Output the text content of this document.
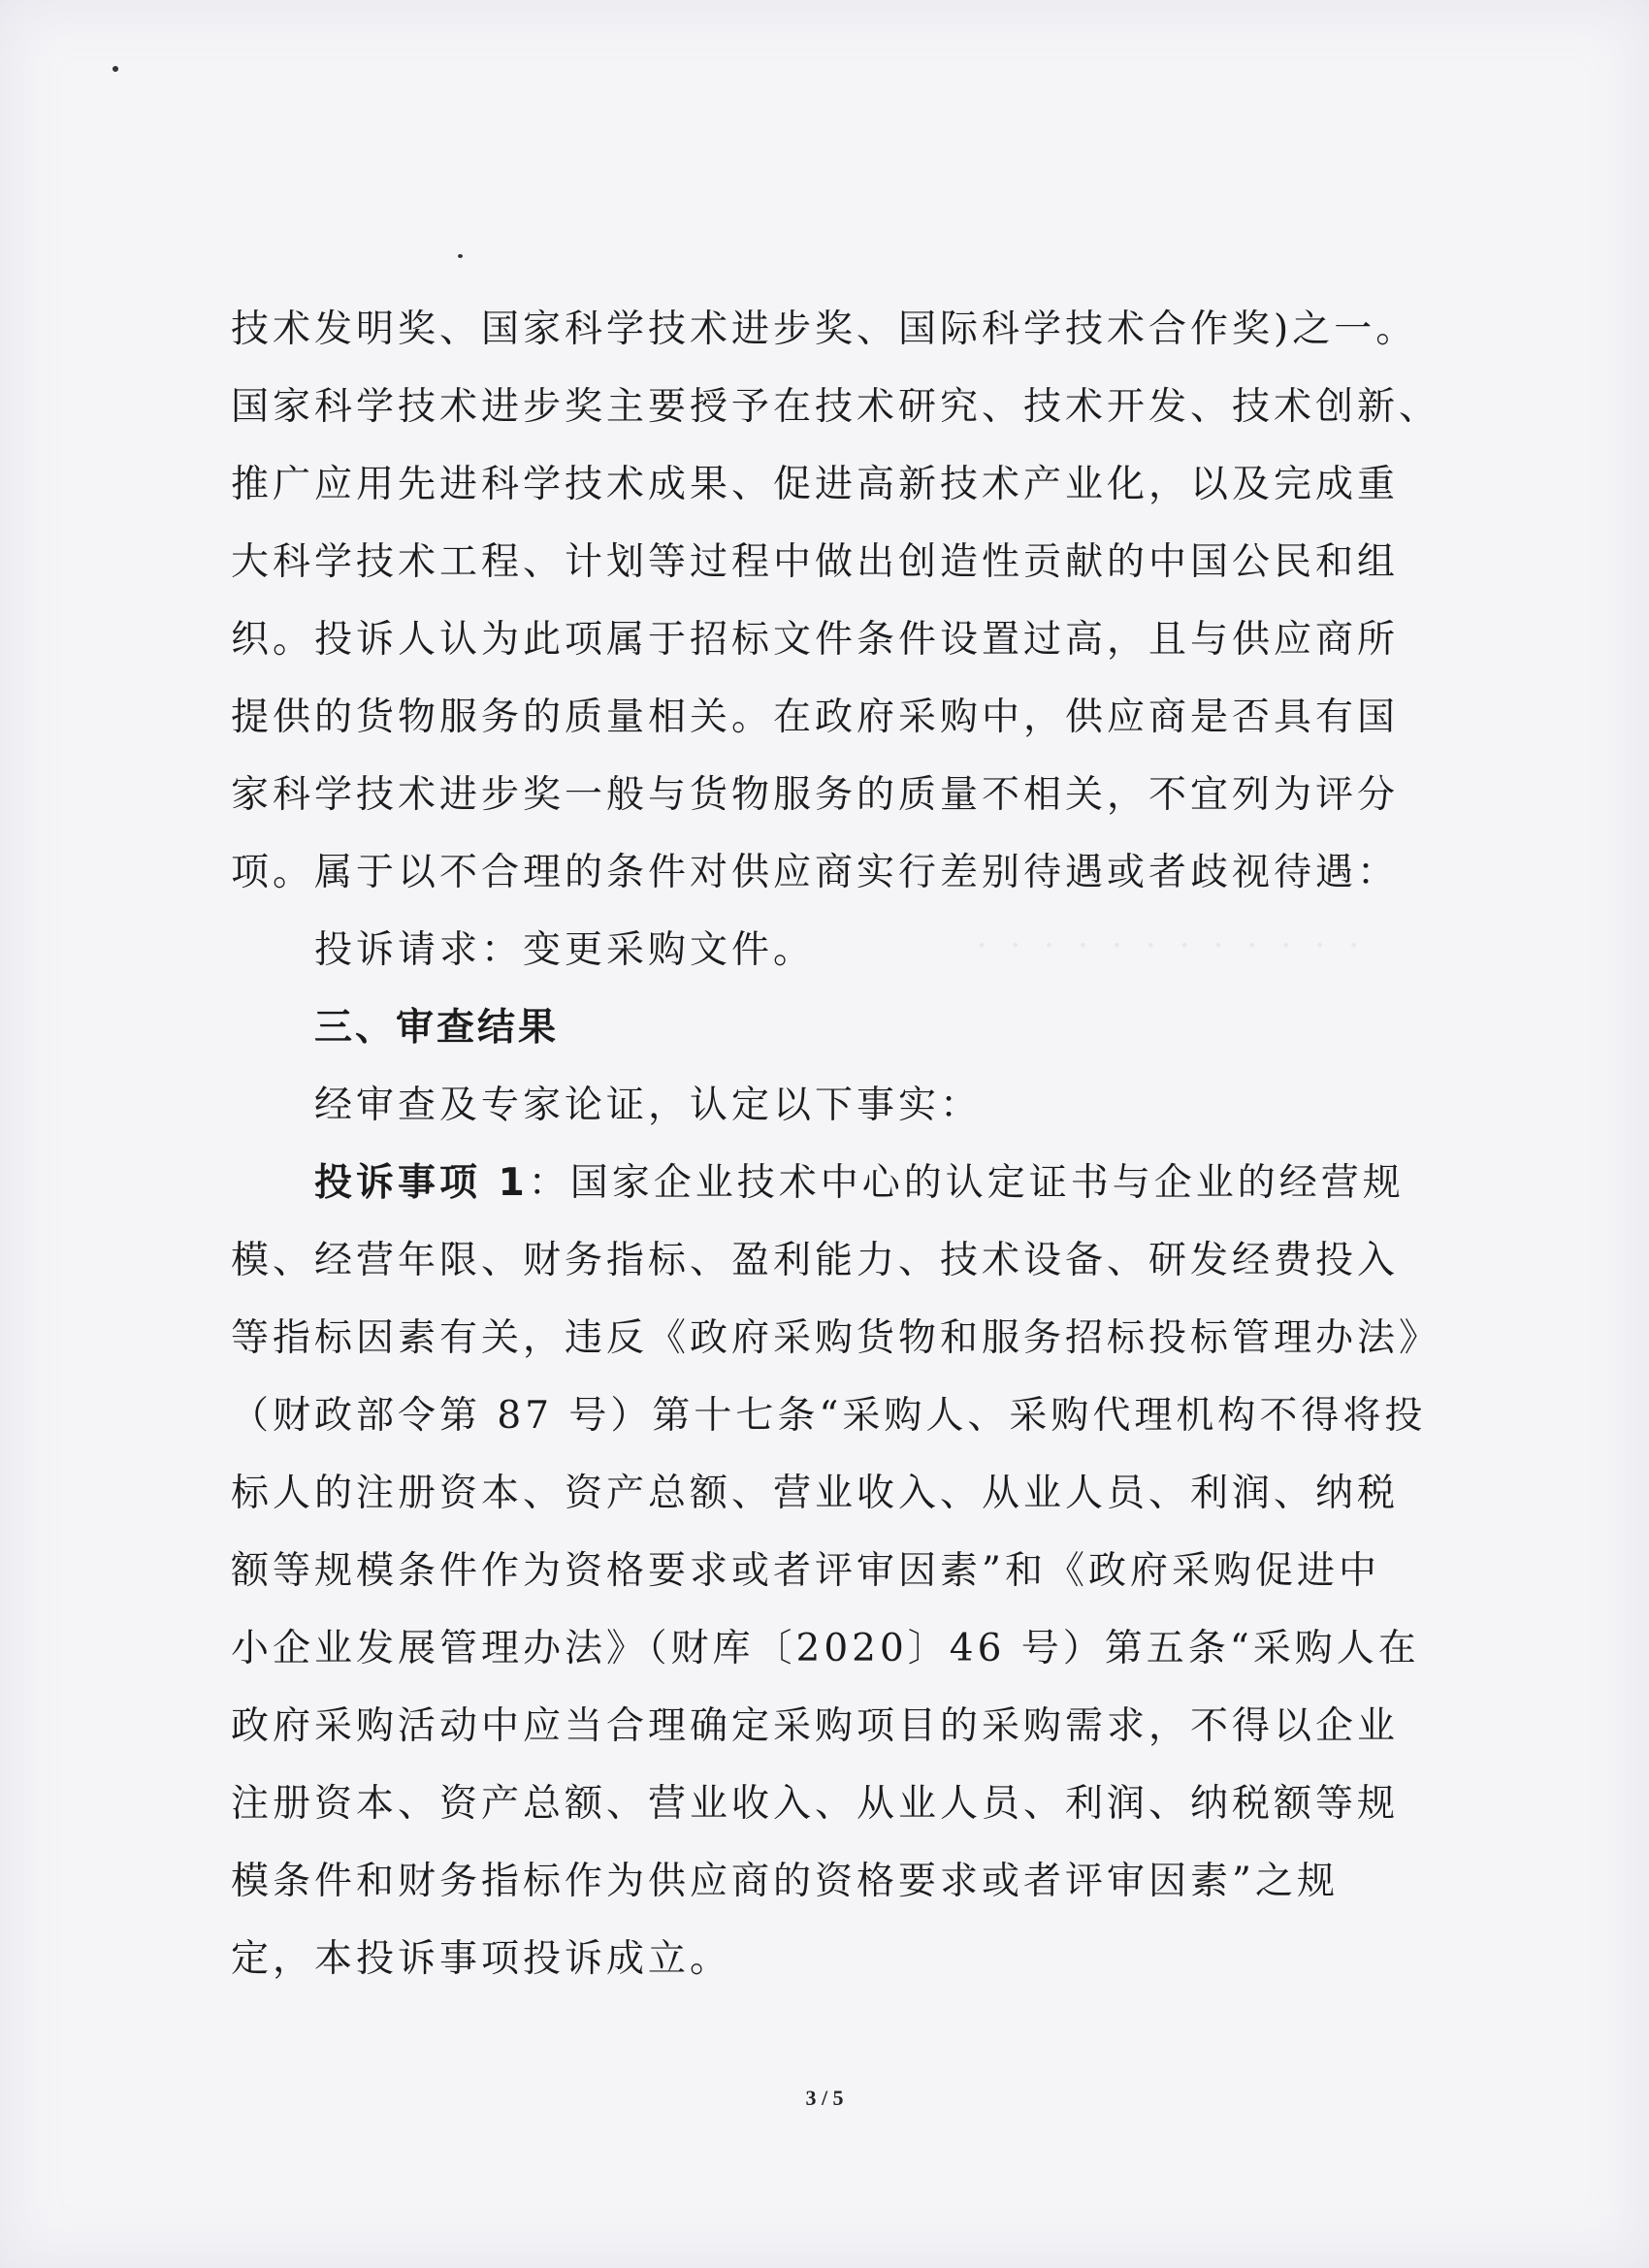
· · · · · · · · · · · ·
技术发明奖、国家科学技术进步奖、国际科学技术合作奖)之一。
国家科学技术进步奖主要授予在技术研究、技术开发、技术创新、
推广应用先进科学技术成果、促进高新技术产业化，以及完成重
大科学技术工程、计划等过程中做出创造性贡献的中国公民和组
织。投诉人认为此项属于招标文件条件设置过高，且与供应商所
提供的货物服务的质量相关。在政府采购中，供应商是否具有国
家科学技术进步奖一般与货物服务的质量不相关，不宜列为评分
项。属于以不合理的条件对供应商实行差别待遇或者歧视待遇：
投诉请求：变更采购文件。
三、审查结果
经审查及专家论证，认定以下事实：
投诉事项 1：国家企业技术中心的认定证书与企业的经营规
模、经营年限、财务指标、盈利能力、技术设备、研发经费投入
等指标因素有关，违反《政府采购货物和服务招标投标管理办法》
（财政部令第 87 号）第十七条“采购人、采购代理机构不得将投
标人的注册资本、资产总额、营业收入、从业人员、利润、纳税
额等规模条件作为资格要求或者评审因素”和《政府采购促进中
小企业发展管理办法》（财库〔2020〕46 号）第五条“采购人在
政府采购活动中应当合理确定采购项目的采购需求，不得以企业
注册资本、资产总额、营业收入、从业人员、利润、纳税额等规
模条件和财务指标作为供应商的资格要求或者评审因素”之规
定，本投诉事项投诉成立。
3 / 5
